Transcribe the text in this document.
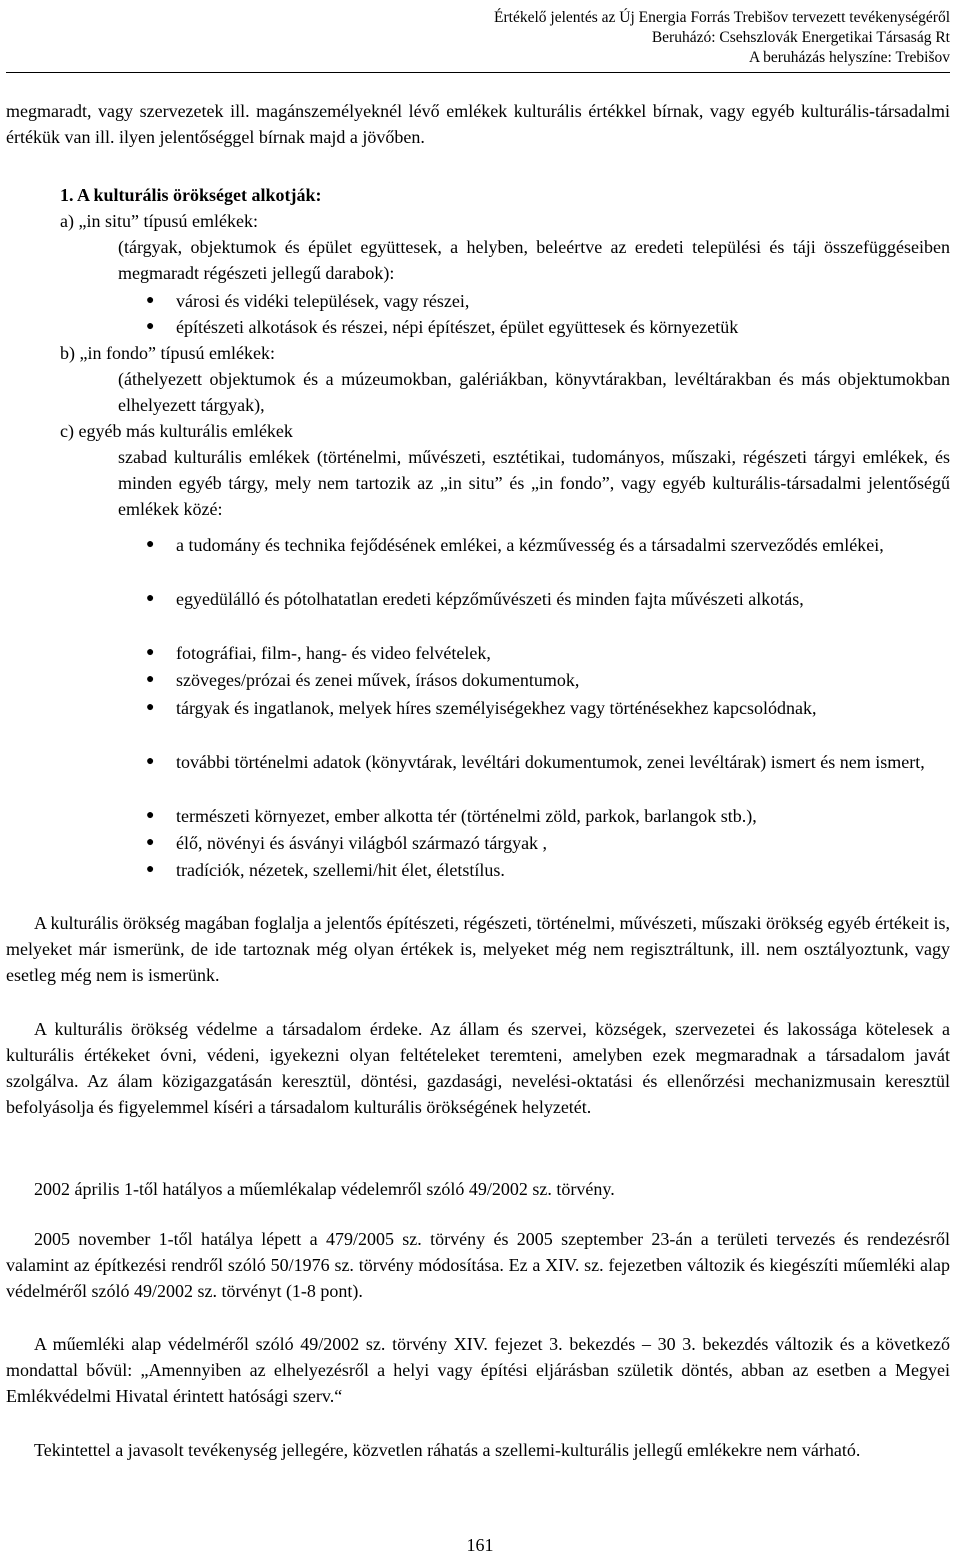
Értékelő jelentés az Új Energia Forrás Trebišov tervezett tevékenységéről
Beruházó: Csehszlovák Energetikai Társaság Rt
A beruházás helyszíne: Trebišov
megmaradt, vagy szervezetek ill. magánszemélyeknél lévő emlékek kulturális értékkel bírnak, vagy egyéb kulturális-társadalmi értékük van ill. ilyen jelentőséggel bírnak majd a jövőben.
1. A kulturális örökséget alkotják:
a) „in situ” típusú emlékek:
(tárgyak, objektumok és épület együttesek, a helyben, beleértve az eredeti települési és táji összefüggéseiben megmaradt régészeti jellegű darabok):
● városi és vidéki települések, vagy részei,
● építészeti alkotások és részei, népi építészet, épület együttesek és környezetük
b) „in fondo” típusú emlékek:
(áthelyezett objektumok és a múzeumokban, galériákban, könyvtárakban, levéltárakban és más objektumokban elhelyezett tárgyak),
c) egyéb más kulturális emlékek
szabad kulturális emlékek (történelmi, művészeti, esztétikai, tudományos, műszaki, régészeti tárgyi emlékek, és minden egyéb tárgy, mely nem tartozik az „in situ” és „in fondo”, vagy egyéb kulturális-társadalmi jelentőségű emlékek közé:
● a tudomány és technika fejődésének emlékei, a kézművesség és a társadalmi szerveződés emlékei,
● egyedülálló és pótolhatatlan eredeti képzőművészeti és minden fajta művészeti alkotás,
● fotográfiai, film-, hang- és video felvételek,
● szöveges/prózai és zenei művek, írásos dokumentumok,
● tárgyak és ingatlanok, melyek híres személyiségekhez vagy történésekhez kapcsolódnak,
● további történelmi adatok (könyvtárak, levéltári dokumentumok, zenei levéltárak) ismert és nem ismert,
● természeti környezet, ember alkotta tér (történelmi zöld, parkok, barlangok stb.),
● élő, növényi és ásványi világból származó tárgyak ,
● tradíciók, nézetek, szellemi/hit élet, életstílus.
A kulturális örökség magában foglalja a jelentős építészeti, régészeti, történelmi, művészeti, műszaki örökség egyéb értékeit is, melyeket már ismerünk, de ide tartoznak még olyan értékek is, melyeket még nem regisztráltunk, ill. nem osztályoztunk, vagy esetleg még nem is ismerünk.
A kulturális örökség védelme a társadalom érdeke. Az állam és szervei, községek, szervezetei és lakossága kötelesek a kulturális értékeket óvni, védeni, igyekezni olyan feltételeket teremteni, amelyben ezek megmaradnak a társadalom javát szolgálva. Az álam közigazgatásán keresztül, döntési, gazdasági, nevelési-oktatási és ellenőrzési mechanizmusain keresztül befolyásolja és figyelemmel kíséri a társadalom kulturális örökségének helyzetét.
2002 április 1-től hatályos a műemlékalap védelemről szóló 49/2002 sz. törvény.
2005 november 1-től hatálya lépett a 479/2005 sz. törvény és 2005 szeptember 23-án a területi tervezés és rendezésről valamint az építkezési rendről szóló 50/1976 sz. törvény módosítása. Ez a XIV. sz. fejezetben változik és kiegészíti műemléki alap védelméről szóló 49/2002 sz. törvényt (1-8 pont).
A műemléki alap védelméről szóló 49/2002 sz. törvény XIV. fejezet 3. bekezdés – 30 3. bekezdés változik és a következő mondattal bővül: „Amennyiben az elhelyezésről a helyi vagy építési eljárásban születik döntés, abban az esetben a Megyei Emlékvédelmi Hivatal érintett hatósági szerv.“
Tekintettel a javasolt tevékenység jellegére, közvetlen ráhatás a szellemi-kulturális jellegű emlékekre nem várható.
161
